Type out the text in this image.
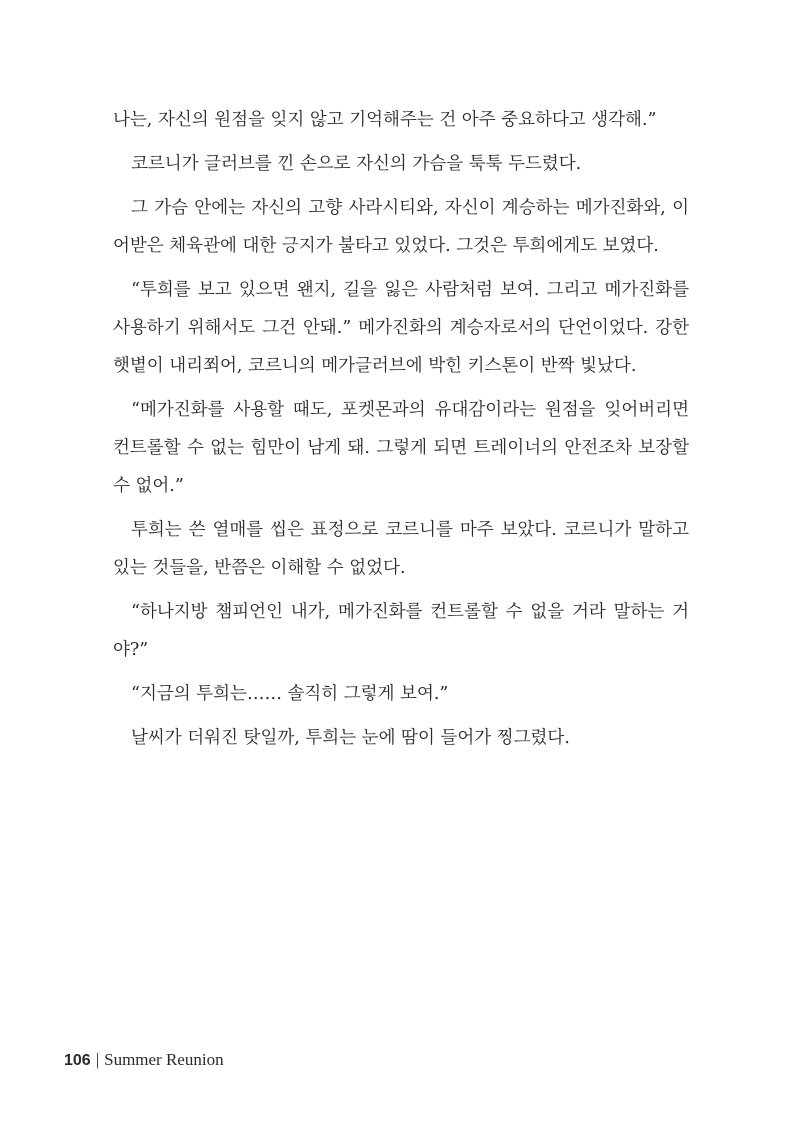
나는, 자신의 원점을 잊지 않고 기억해주는 건 아주 중요하다고 생각해.”

코르니가 글러브를 낀 손으로 자신의 가슴을 툭툭 두드렸다.

그 가슴 안에는 자신의 고향 사라시티와, 자신이 계승하는 메가진화와, 이어받은 체육관에 대한 긍지가 불타고 있었다. 그것은 투희에게도 보였다.

“투희를 보고 있으면 왠지, 길을 잃은 사람처럼 보여. 그리고 메가진화를 사용하기 위해서도 그건 안돼.” 메가진화의 계승자로서의 단언이었다. 강한 햇볕이 내리쬐어, 코르니의 메가글러브에 박힌 키스톤이 반짝 빛났다.

“메가진화를 사용할 때도, 포켓몬과의 유대감이라는 원점을 잊어버리면 컨트롤할 수 없는 힘만이 남게 돼. 그렇게 되면 트레이너의 안전조차 보장할 수 없어.”

투희는 쓴 열매를 씹은 표정으로 코르니를 마주 보았다. 코르니가 말하고 있는 것들을, 반쯤은 이해할 수 없었다.

“하나지방 챔피언인 내가, 메가진화를 컨트롤할 수 없을 거라 말하는 거야?”

“지금의 투희는…… 솔직히 그렇게 보여.”

날씨가 더워진 탓일까, 투희는 눈에 땀이 들어가 찡그렸다.

106 | Summer Reunion
